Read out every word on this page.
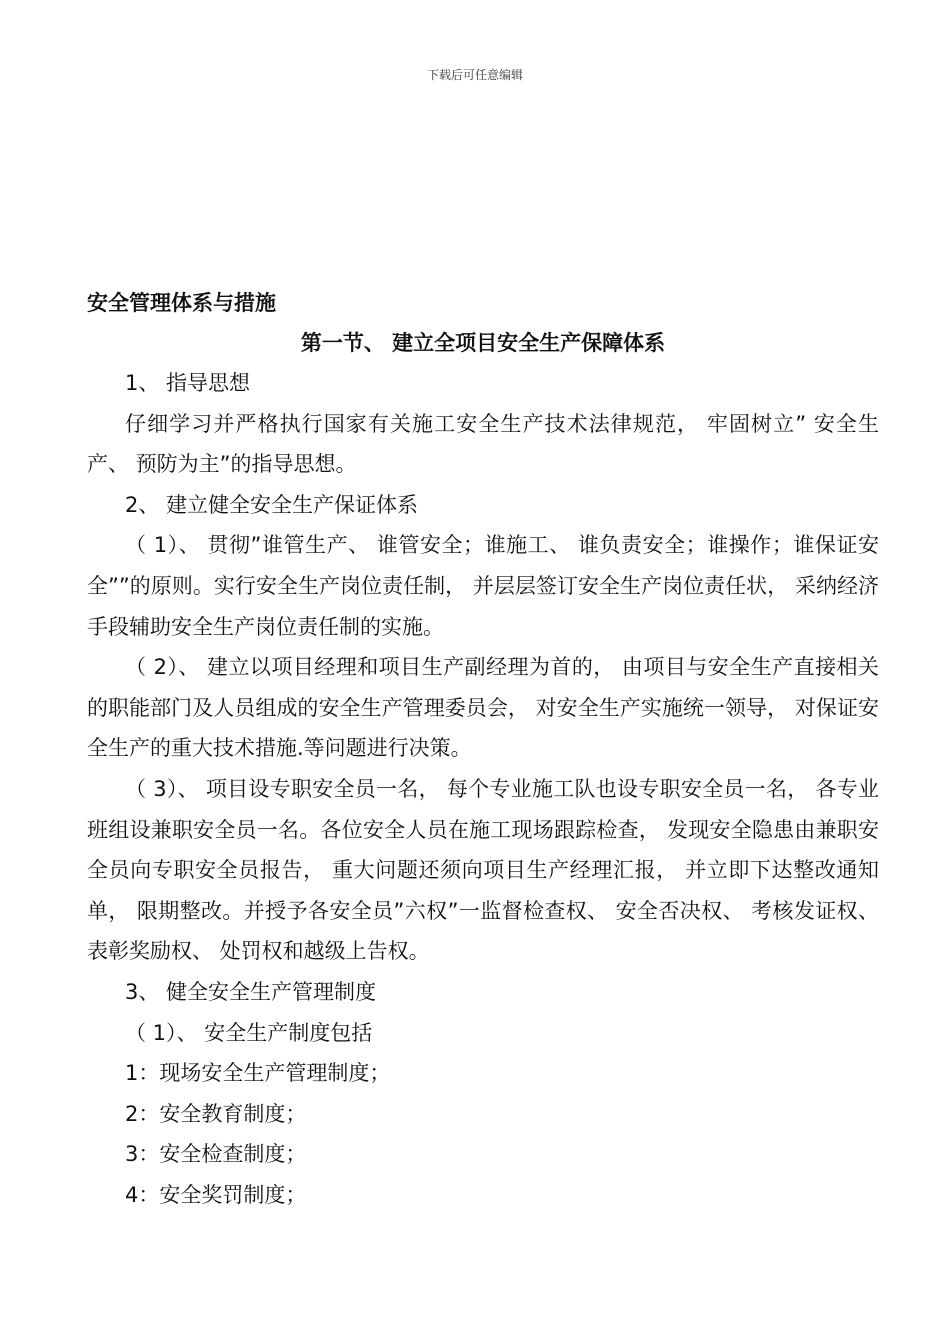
下载后可任意编辑

安全管理体系与措施

第一节、 建立全项目安全生产保障体系

1、 指导思想

仔细学习并严格执行国家有关施工安全生产技术法律规范， 牢固树立” 安全生产、 预防为主”的指导思想。

2、 建立健全安全生产保证体系

（ 1）、 贯彻”谁管生产、 谁管安全；谁施工、 谁负责安全；谁操作；谁保证安全””的原则。实行安全生产岗位责任制， 并层层签订安全生产岗位责任状， 采纳经济手段辅助安全生产岗位责任制的实施。

（ 2）、 建立以项目经理和项目生产副经理为首的， 由项目与安全生产直接相关的职能部门及人员组成的安全生产管理委员会， 对安全生产实施统一领导， 对保证安全生产的重大技术措施.等问题进行决策。

（ 3）、 项目设专职安全员一名， 每个专业施工队也设专职安全员一名， 各专业班组设兼职安全员一名。各位安全人员在施工现场跟踪检查， 发现安全隐患由兼职安全员向专职安全员报告， 重大问题还须向项目生产经理汇报， 并立即下达整改通知单， 限期整改。并授予各安全员”六权”一监督检查权、 安全否决权、 考核发证权、 表彰奖励权、 处罚权和越级上告权。

3、 健全安全生产管理制度

（ 1）、 安全生产制度包括

1：现场安全生产管理制度；

2：安全教育制度；

3：安全检查制度；

4：安全奖罚制度；
